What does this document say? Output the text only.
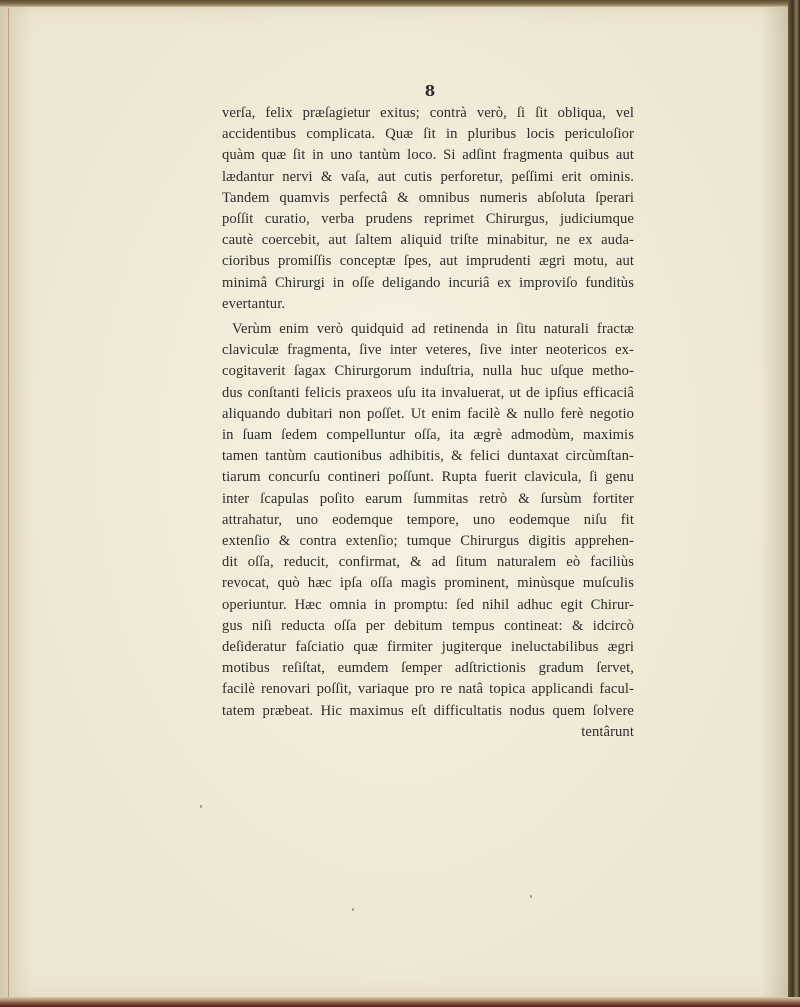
8
verſa, felix præſagietur exitus; contrà verò, ſi ſit obliqua, vel
accidentibus complicata. Quæ ſit in pluribus locis periculoſior
quàm quæ ſit in uno tantùm loco. Si adſint fragmenta quibus aut
lædantur nervi & vaſa, aut cutis perforetur, peſſimi erit ominis.
Tandem quamvis perfectâ & omnibus numeris abſoluta ſperari
poſſit curatio, verba prudens reprimet Chirurgus, judiciumque
cautè coercebit, aut ſaltem aliquid triſte minabitur, ne ex auda-
cioribus promiſſis conceptæ ſpes, aut imprudenti ægri motu, aut
minimâ Chirurgi in oſſe deligando incuriâ ex improviſo funditùs
evertantur.
Verùm enim verò quidquid ad retinenda in ſitu naturali fractæ
claviculæ fragmenta, ſive inter veteres, ſive inter neotericos ex-
cogitaverit ſagax Chirurgorum induſtria, nulla huc uſque metho-
dus conſtanti felicis praxeos uſu ita invaluerat, ut de ipſius efficaciâ
aliquando dubitari non poſſet. Ut enim facilè & nullo ferè negotio
in ſuam ſedem compelluntur oſſa, ita ægrè admodùm, maximis
tamen tantùm cautionibus adhibitis, & felici duntaxat circùmſtan-
tiarum concurſu contineri poſſunt. Rupta fuerit clavicula, ſi genu
inter ſcapulas poſito earum ſummitas retrò & ſursùm fortiter
attrahatur, uno eodemque tempore, uno eodemque niſu fit
extenſio & contra extenſio; tumque Chirurgus digitis apprehen-
dit oſſa, reducit, confirmat, & ad ſitum naturalem eò faciliùs
revocat, quò hæc ipſa oſſa magìs prominent, minùsque muſculis
operiuntur. Hæc omnia in promptu: ſed nihil adhuc egit Chirur-
gus niſi reducta oſſa per debitum tempus contineat: & idcircò
deſideratur faſciatio quæ firmiter jugiterque ineluctabilibus ægri
motibus reſiſtat, eumdem ſemper adſtrictionis gradum ſervet,
facilè renovari poſſit, variaque pro re natâ topica applicandi facul-
tatem præbeat. Hic maximus eſt difficultatis nodus quem ſolvere
tentârunt
